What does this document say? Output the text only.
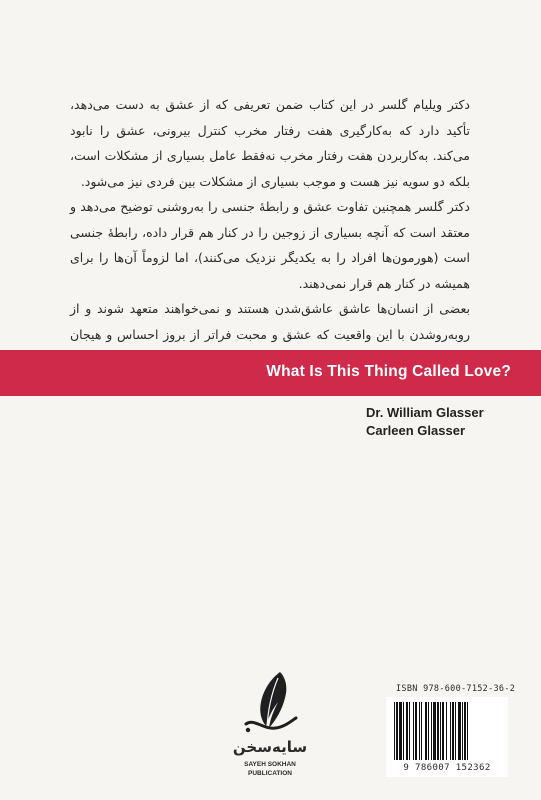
دکتر ویلیام گلسر در این کتاب ضمن تعریفی که از عشق به دست می‌دهد، تأکید دارد که به‌کارگیری هفت رفتار مخرب کنترل بیرونی، عشق را نابود می‌کند. به‌کاربردن هفت رفتار مخرب نه‌فقط عامل بسیاری از مشکلات است، بلکه دو سویه نیز هست و موجب بسیاری از مشکلات بین فردی نیز می‌شود.

دکتر گلسر همچنین تفاوت عشق و رابطهٔ جنسی را به‌روشنی توضیح می‌دهد و معتقد است که آنچه بسیاری از زوجین را در کنار هم قرار داده، رابطهٔ جنسی است (هورمون‌ها افراد را به یکدیگر نزدیک می‌کنند)، اما لزوماً آن‌ها را برای همیشه در کنار هم قرار نمی‌دهند.

بعضی از انسان‌ها عاشق عاشق‌شدن هستند و نمی‌خواهند متعهد شوند و از روبه‌روشدن با این واقعیت که عشق و محبت فراتر از بروز احساس و هیجان

What Is This Thing Called Love?
Dr. William Glasser
Carleen Glasser
سایه‌سخن
SAYEH SOKHAN
PUBLICATION
ISBN 978-600-7152-36-2
9 786007 152362
